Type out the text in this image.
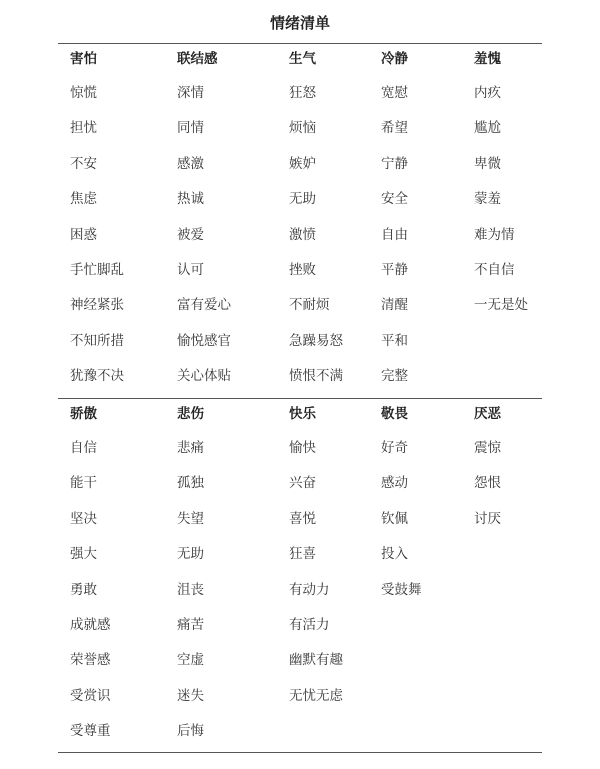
情绪清单
害怕
惊慌
担忧
不安
焦虑
困惑
手忙脚乱
神经紧张
不知所措
犹豫不决
联结感
深情
同情
感激
热诚
被爱
认可
富有爱心
愉悦感官
关心体贴
生气
狂怒
烦恼
嫉妒
无助
激愤
挫败
不耐烦
急躁易怒
愤恨不满
冷静
宽慰
希望
宁静
安全
自由
平静
清醒
平和
完整
羞愧
内疚
尴尬
卑微
蒙羞
难为情
不自信
一无是处
骄傲
自信
能干
坚决
强大
勇敢
成就感
荣誉感
受赏识
受尊重
悲伤
悲痛
孤独
失望
无助
沮丧
痛苦
空虚
迷失
后悔
快乐
愉快
兴奋
喜悦
狂喜
有动力
有活力
幽默有趣
无忧无虑
敬畏
好奇
感动
钦佩
投入
受鼓舞
厌恶
震惊
怨恨
讨厌
